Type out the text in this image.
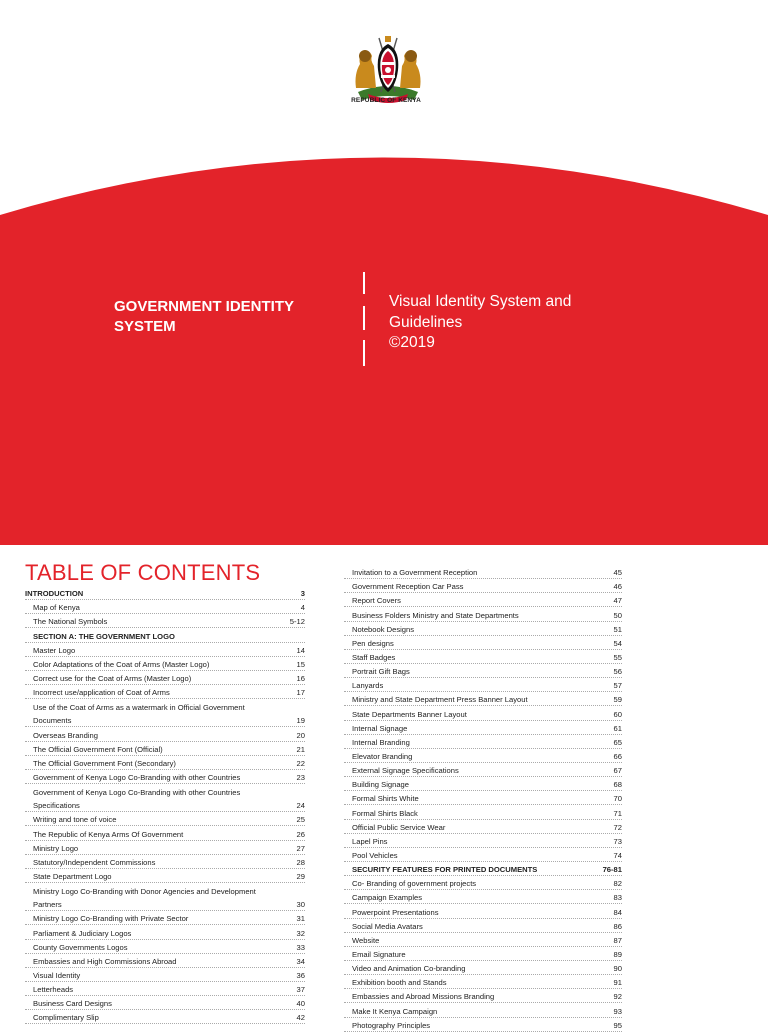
REPUBLIC OF KENYA
GOVERNMENT IDENTITY
SYSTEM
Visual Identity System and
Guidelines
©2019
TABLE OF CONTENTS
INTRODUCTION	3
Map of Kenya	4
The National Symbols	5-12
SECTION A: THE GOVERNMENT LOGO
Master Logo	14
Color Adaptations of the Coat of Arms (Master Logo)	15
Correct use for the Coat of Arms (Master Logo)	16
Incorrect use/application of Coat of Arms	17
Use of the Coat of Arms as a watermark in Official Government
Documents	19
Overseas Branding	20
The Official Government Font (Official)	21
The Official Government Font (Secondary)	22
Government of Kenya Logo Co-Branding with other Countries	23
Government of Kenya Logo Co-Branding with other Countries
Specifications	24
Writing and tone of voice	25
The Republic of Kenya Arms Of Government	26
Ministry Logo	27
Statutory/Independent Commissions	28
State Department Logo	29
Ministry Logo Co-Branding with Donor Agencies and Development
Partners	30
Ministry Logo Co-Branding with Private Sector	31
Parliament & Judiciary Logos	32
County Governments Logos	33
Embassies and High Commissions Abroad	34
Visual Identity	36
Letterheads	37
Business Card Designs	40
Complimentary Slip	42
Invitation to a Government Reception	45
Government Reception Car Pass	46
Report Covers	47
Business Folders Ministry and State Departments	50
Notebook Designs	51
Pen designs	54
Staff Badges	55
Portrait Gift Bags	56
Lanyards	57
Ministry and State Department Press Banner Layout	59
State Departments Banner Layout	60
Internal Signage	61
Internal Branding	65
Elevator Branding	66
External Signage Specifications	67
Building Signage	68
Formal Shirts White	70
Formal Shirts Black	71
Official Public Service Wear	72
Lapel Pins	73
Pool Vehicles	74
SECURITY FEATURES FOR PRINTED DOCUMENTS	76-81
Co- Branding of government projects	82
Campaign Examples	83
Powerpoint Presentations	84
Social Media Avatars	86
Website	87
Email Signature	89
Video and Animation Co-branding	90
Exhibition booth and Stands	91
Embassies and Abroad Missions Branding	92
Make It Kenya Campaign	93
Photography Principles	95
